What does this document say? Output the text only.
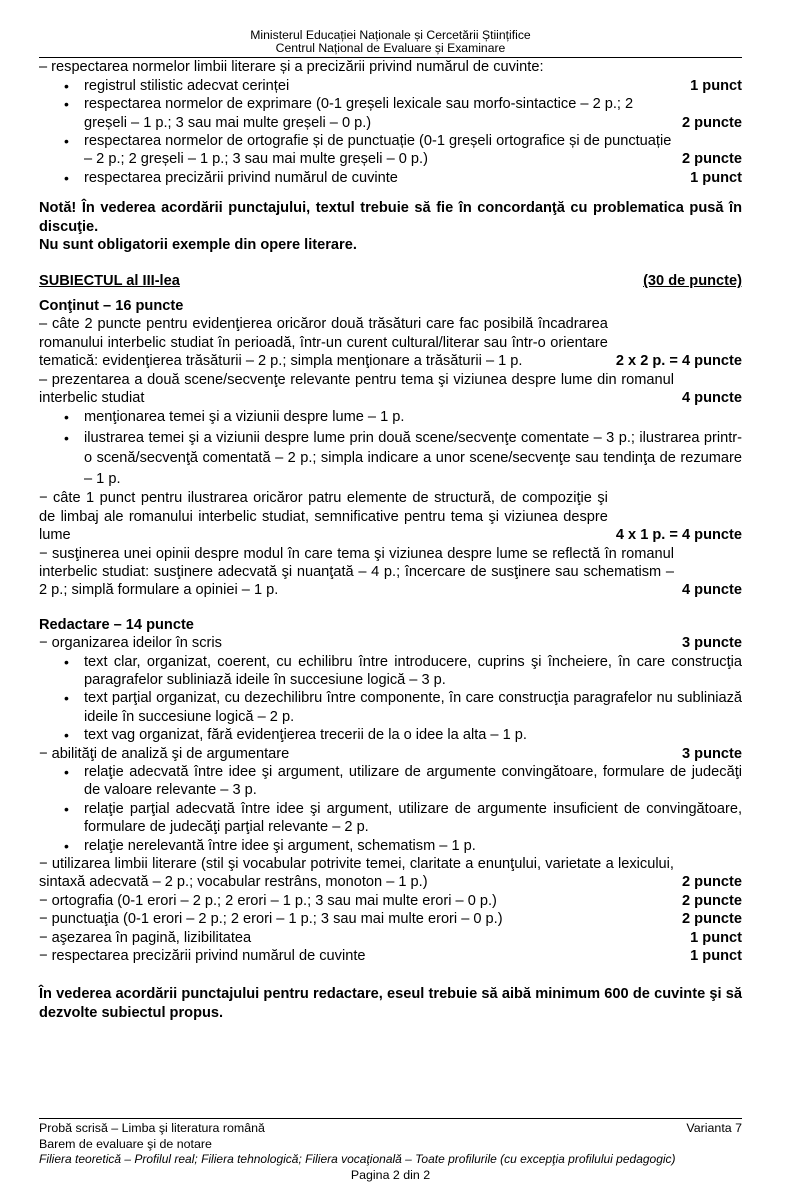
Ministerul Educației Naționale și Cercetării Științifice
Centrul Național de Evaluare și Examinare
– respectarea normelor limbii literare și a precizării privind numărul de cuvinte:
• registrul stilistic adecvat cerinței	1 punct
• respectarea normelor de exprimare (0-1 greșeli lexicale sau morfo-sintactice – 2 p.; 2 greșeli – 1 p.; 3 sau mai multe greșeli – 0 p.)	2 puncte
• respectarea normelor de ortografie și de punctuație (0-1 greșeli ortografice și de punctuație – 2 p.; 2 greșeli – 1 p.; 3 sau mai multe greșeli – 0 p.)	2 puncte
• respectarea precizării privind numărul de cuvinte	1 punct
Notă! În vederea acordării punctajului, textul trebuie să fie în concordanţă cu problematica pusă în discuţie.
Nu sunt obligatorii exemple din opere literare.
SUBIECTUL al III-lea	(30 de puncte)
Conţinut – 16 puncte
– câte 2 puncte pentru evidenţierea oricăror două trăsături care fac posibilă încadrarea romanului interbelic studiat în perioadă, într-un curent cultural/literar sau într-o orientare tematică: evidenţierea trăsăturii – 2 p.; simpla menţionare a trăsăturii – 1 p.	2 x 2 p. = 4 puncte
– prezentarea a două scene/secvenţe relevante pentru tema şi viziunea despre lume din romanul interbelic studiat	4 puncte
• menţionarea temei şi a viziunii despre lume – 1 p.
• ilustrarea temei şi a viziunii despre lume prin două scene/secvenţe comentate – 3 p.; ilustrarea printr-o scenă/secvenţă comentată – 2 p.; simpla indicare a unor scene/secvenţe sau tendinţa de rezumare – 1 p.
− câte 1 punct pentru ilustrarea oricăror patru elemente de structură, de compoziţie şi de limbaj ale romanului interbelic studiat, semnificative pentru tema şi viziunea despre lume	4 x 1 p. = 4 puncte
− susţinerea unei opinii despre modul în care tema şi viziunea despre lume se reflectă în romanul interbelic studiat: susţinere adecvată şi nuanţată – 4 p.; încercare de susţinere sau schematism – 2 p.; simplă formulare a opiniei – 1 p.	4 puncte
Redactare – 14 puncte
− organizarea ideilor în scris	3 puncte
• text clar, organizat, coerent, cu echilibru între introducere, cuprins şi încheiere, în care construcţia paragrafelor subliniază ideile în succesiune logică – 3 p.
• text parţial organizat, cu dezechilibru între componente, în care construcţia paragrafelor nu subliniază ideile în succesiune logică – 2 p.
• text vag organizat, fără evidenţierea trecerii de la o idee la alta – 1 p.
− abilităţi de analiză şi de argumentare	3 puncte
• relaţie adecvată între idee şi argument, utilizare de argumente convingătoare, formulare de judecăţi de valoare relevante – 3 p.
• relaţie parţial adecvată între idee şi argument, utilizare de argumente insuficient de convingătoare, formulare de judecăţi parţial relevante – 2 p.
• relaţie nerelevantă între idee şi argument, schematism – 1 p.
− utilizarea limbii literare (stil şi vocabular potrivite temei, claritate a enunţului, varietate a lexicului, sintaxă adecvată – 2 p.; vocabular restrâns, monoton – 1 p.)	2 puncte
− ortografia (0-1 erori – 2 p.; 2 erori – 1 p.; 3 sau mai multe erori – 0 p.)	2 puncte
− punctuaţia (0-1 erori – 2 p.; 2 erori – 1 p.; 3 sau mai multe erori – 0 p.)	2 puncte
− aşezarea în pagină, lizibilitatea	1 punct
− respectarea precizării privind numărul de cuvinte	1 punct
În vederea acordării punctajului pentru redactare, eseul trebuie să aibă minimum 600 de cuvinte şi să dezvolte subiectul propus.
Probă scrisă – Limba şi literatura română	Varianta 7
Barem de evaluare şi de notare
Filiera teoretică – Profilul real; Filiera tehnologică; Filiera vocaţională – Toate profilurile (cu excepţia profilului pedagogic)
Pagina 2 din 2
